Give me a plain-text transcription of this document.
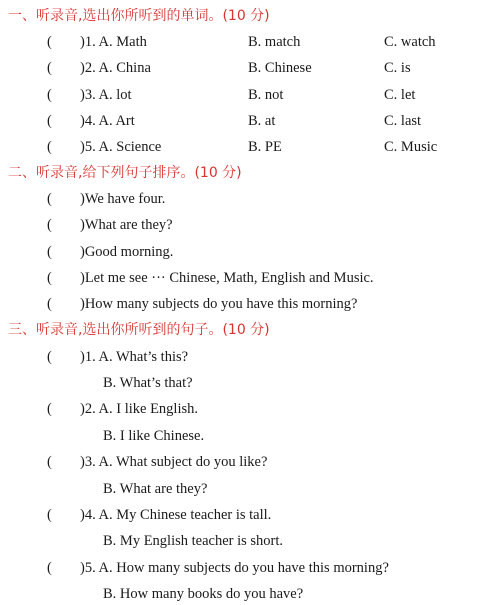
一、听录音,选出你所听到的单词。(10 分)
( )1. A. Math	B. match	C. watch
( )2. A. China	B. Chinese	C. is
( )3. A. lot	B. not	C. let
( )4. A. Art	B. at	C. last
( )5. A. Science	B. PE	C. Music
二、听录音,给下列句子排序。(10 分)
( )We have four.
( )What are they?
( )Good morning.
( )Let me see ··· Chinese, Math, English and Music.
( )How many subjects do you have this morning?
三、听录音,选出你所听到的句子。(10 分)
( )1. A. What’s this?
B. What’s that?
( )2. A. I like English.
B. I like Chinese.
( )3. A. What subject do you like?
B. What are they?
( )4. A. My Chinese teacher is tall.
B. My English teacher is short.
( )5. A. How many subjects do you have this morning?
B. How many books do you have?
